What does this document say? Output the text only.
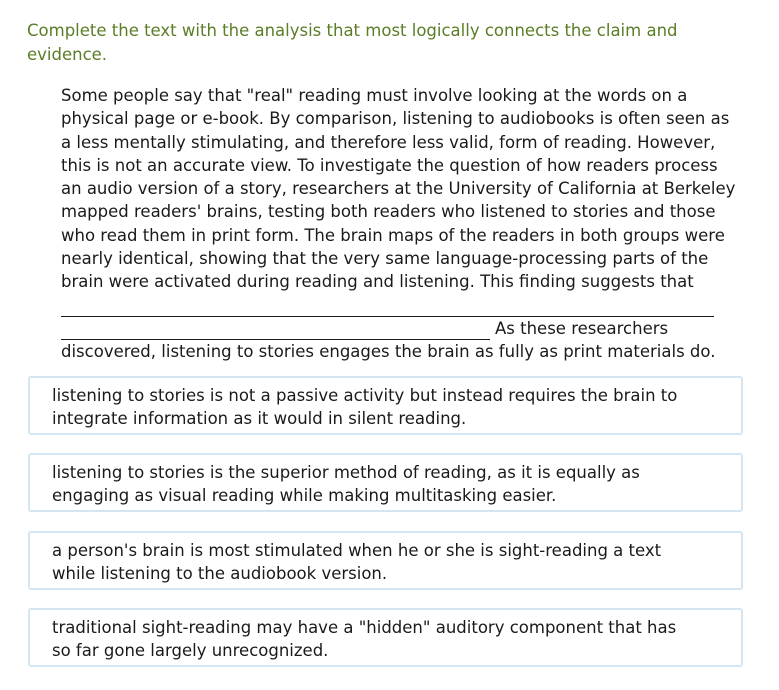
Complete the text with the analysis that most logically connects the claim and
evidence.

Some people say that "real" reading must involve looking at the words on a

physical page or e-book. By comparison, listening to audiobooks is often seen as

a less mentally stimulating, and therefore less valid, form of reading. However,

this is not an accurate view. To investigate the question of how readers process

an audio version of a story, researchers at the University of California at Berkeley

mapped readers' brains, testing both readers who listened to stories and those

who read them in print form. The brain maps of the readers in both groups were

nearly identical, showing that the very same language-processing parts of the

brain were activated during reading and listening. This finding suggests that

As these researchers
discovered, listening to stories engages the brain as fully as print materials do.
listening to stories is not a passive activity but instead requires the brain to
integrate information as it would in silent reading.
listening to stories is the superior method of reading, as it is equally as
engaging as visual reading while making multitasking easier.
a person's brain is most stimulated when he or she is sight-reading a text
while listening to the audiobook version.
traditional sight-reading may have a "hidden" auditory component that has
so far gone largely unrecognized.
